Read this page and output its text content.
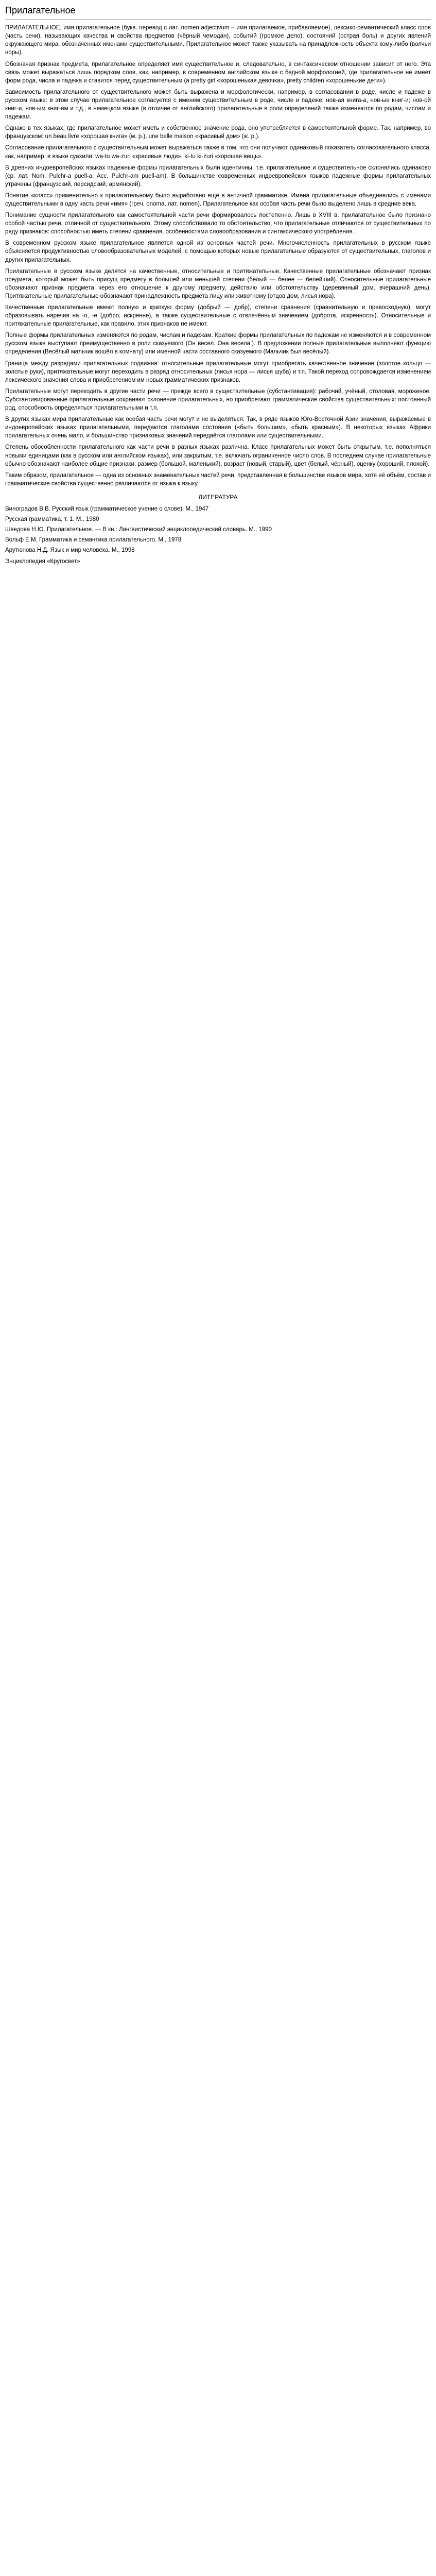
Прилагательное

ПРИЛАГАТЕЛЬНОЕ, имя прилагательное (букв. перевод с лат. nomen adjectivum – имя прилагаемое, прибавляемое), лексико-семантический класс слов (часть речи), называющих качества и свойства предметов (чёрный чемодан), событий (громкое дело), состояний (острая боль) и других явлений окружающего мира, обозначенных именами существительными. Прилагательное может также указывать на принадлежность объекта кому-либо (волчьи норы).

Обозначая признак предмета, прилагательное определяет имя существительное и, следовательно, в синтаксическом отношении зависит от него. Эта связь может выражаться лишь порядком слов, как, например, в современном английском языке с бедной морфологией, где прилагательное не имеет форм рода, числа и падежа и ставится перед существительным (a pretty girl «хорошенькая девочка», pretty children «хорошенькие дети»).

Зависимость прилагательного от существительного может быть выражена и морфологически, например, в согласовании в роде, числе и падеже в русском языке: в этом случае прилагательное согласуется с именем существительным в роде, числе и падеже: нов-ая книга-а, нов-ые книг-и; нов-ой книг-и, нов-ым книг-ам и т.д., в немецком языке (в отличие от английского) прилагательные в роли определений также изменяются по родам, числам и падежам.

Однако в тех языках, где прилагательное может иметь и собственное значение рода, оно употребляется в самостоятельной форме. Так, например, во французском: un beau livre «хорошая книга» (м. р.), une belle maison «красивый дом» (ж. р.).

Согласование прилагательного с существительным может выражаться также в том, что они получают одинаковый показатель согласовательного класса, как, например, в языке суахили: wa-tu wa-zuri «красивые люди», ki-tu ki-zuri «хорошая вещь».

В древних индоевропейских языках падежные формы прилагательных были идентичны, т.е. прилагательное и существительное склонялись одинаково (ср. лат. Nom. Pulchr-a puell-a, Acc. Pulchr-am puell-am). В большинстве современных индоевропейских языков падежные формы прилагательных утрачены (французский, персидский, армянский).

Понятие «класс» применительно к прилагательному было выработано ещё в античной грамматике. Имена прилагательные объединялись с именами существительными в одну часть речи «имя» (греч. onoma, лат. nomen). Прилагательное как особая часть речи было выделено лишь в средние века.

Понимание сущности прилагательного как самостоятельной части речи формировалось постепенно. Лишь в XVIII в. прилагательное было признано особой частью речи, отличной от существительного. Этому способствовало то обстоятельство, что прилагательные отличаются от существительных по ряду признаков: способностью иметь степени сравнения, особенностями словообразования и синтаксического употребления.

В современном русском языке прилагательное является одной из основных частей речи. Многочисленность прилагательных в русском языке объясняется продуктивностью словообразовательных моделей, с помощью которых новые прилагательные образуются от существительных, глаголов и других прилагательных.

Прилагательные в русском языке делятся на качественные, относительные и притяжательные. Качественные прилагательные обозначают признак предмета, который может быть присущ предмету в большей или меньшей степени (белый — белее — белейший). Относительные прилагательные обозначают признак предмета через его отношение к другому предмету, действию или обстоятельству (деревянный дом, вчерашний день). Притяжательные прилагательные обозначают принадлежность предмета лицу или животному (отцов дом, лисья нора).

Качественные прилагательные имеют полную и краткую форму (добрый — добр), степени сравнения (сравнительную и превосходную), могут образовывать наречия на -о, -е (добро, искренне), а также существительные с отвлечённым значением (доброта, искренность). Относительные и притяжательные прилагательные, как правило, этих признаков не имеют.

Полные формы прилагательных изменяются по родам, числам и падежам. Краткие формы прилагательных по падежам не изменяются и в современном русском языке выступают преимущественно в роли сказуемого (Он весел. Она весела.). В предложении полные прилагательные выполняют функцию определения (Весёлый мальчик вошёл в комнату) или именной части составного сказуемого (Мальчик был весёлый).

Граница между разрядами прилагательных подвижна: относительные прилагательные могут приобретать качественное значение (золотое кольцо — золотые руки), притяжательные могут переходить в разряд относительных (лисья нора — лисья шуба) и т.п. Такой переход сопровождается изменением лексического значения слова и приобретением им новых грамматических признаков.

Прилагательные могут переходить в другие части речи — прежде всего в существительные (субстантивация): рабочий, учёный, столовая, мороженое. Субстантивированные прилагательные сохраняют склонение прилагательных, но приобретают грамматические свойства существительных: постоянный род, способность определяться прилагательными и т.п.

В других языках мира прилагательные как особая часть речи могут и не выделяться. Так, в ряде языков Юго-Восточной Азии значения, выражаемые в индоевропейских языках прилагательными, передаются глаголами состояния («быть большим», «быть красным»). В некоторых языках Африки прилагательных очень мало, и большинство признаковых значений передаётся глаголами или существительными.

Степень обособленности прилагательного как части речи в разных языках различна. Класс прилагательных может быть открытым, т.е. пополняться новыми единицами (как в русском или английском языках), или закрытым, т.е. включать ограниченное число слов. В последнем случае прилагательные обычно обозначают наиболее общие признаки: размер (большой, маленький), возраст (новый, старый), цвет (белый, чёрный), оценку (хороший, плохой).

Таким образом, прилагательное — одна из основных знаменательных частей речи, представленная в большинстве языков мира, хотя её объём, состав и грамматические свойства существенно различаются от языка к языку.

ЛИТЕРАТУРА

Виноградов В.В. Русский язык (грамматическое учение о слове). М., 1947

Русская грамматика, т. 1. М., 1980

Шведова Н.Ю. Прилагательное. — В кн.: Лингвистический энциклопедический словарь. М., 1990

Вольф Е.М. Грамматика и семантика прилагательного. М., 1978

Арутюнова Н.Д. Язык и мир человека. М., 1998

Энциклопедия «Кругосвет»
